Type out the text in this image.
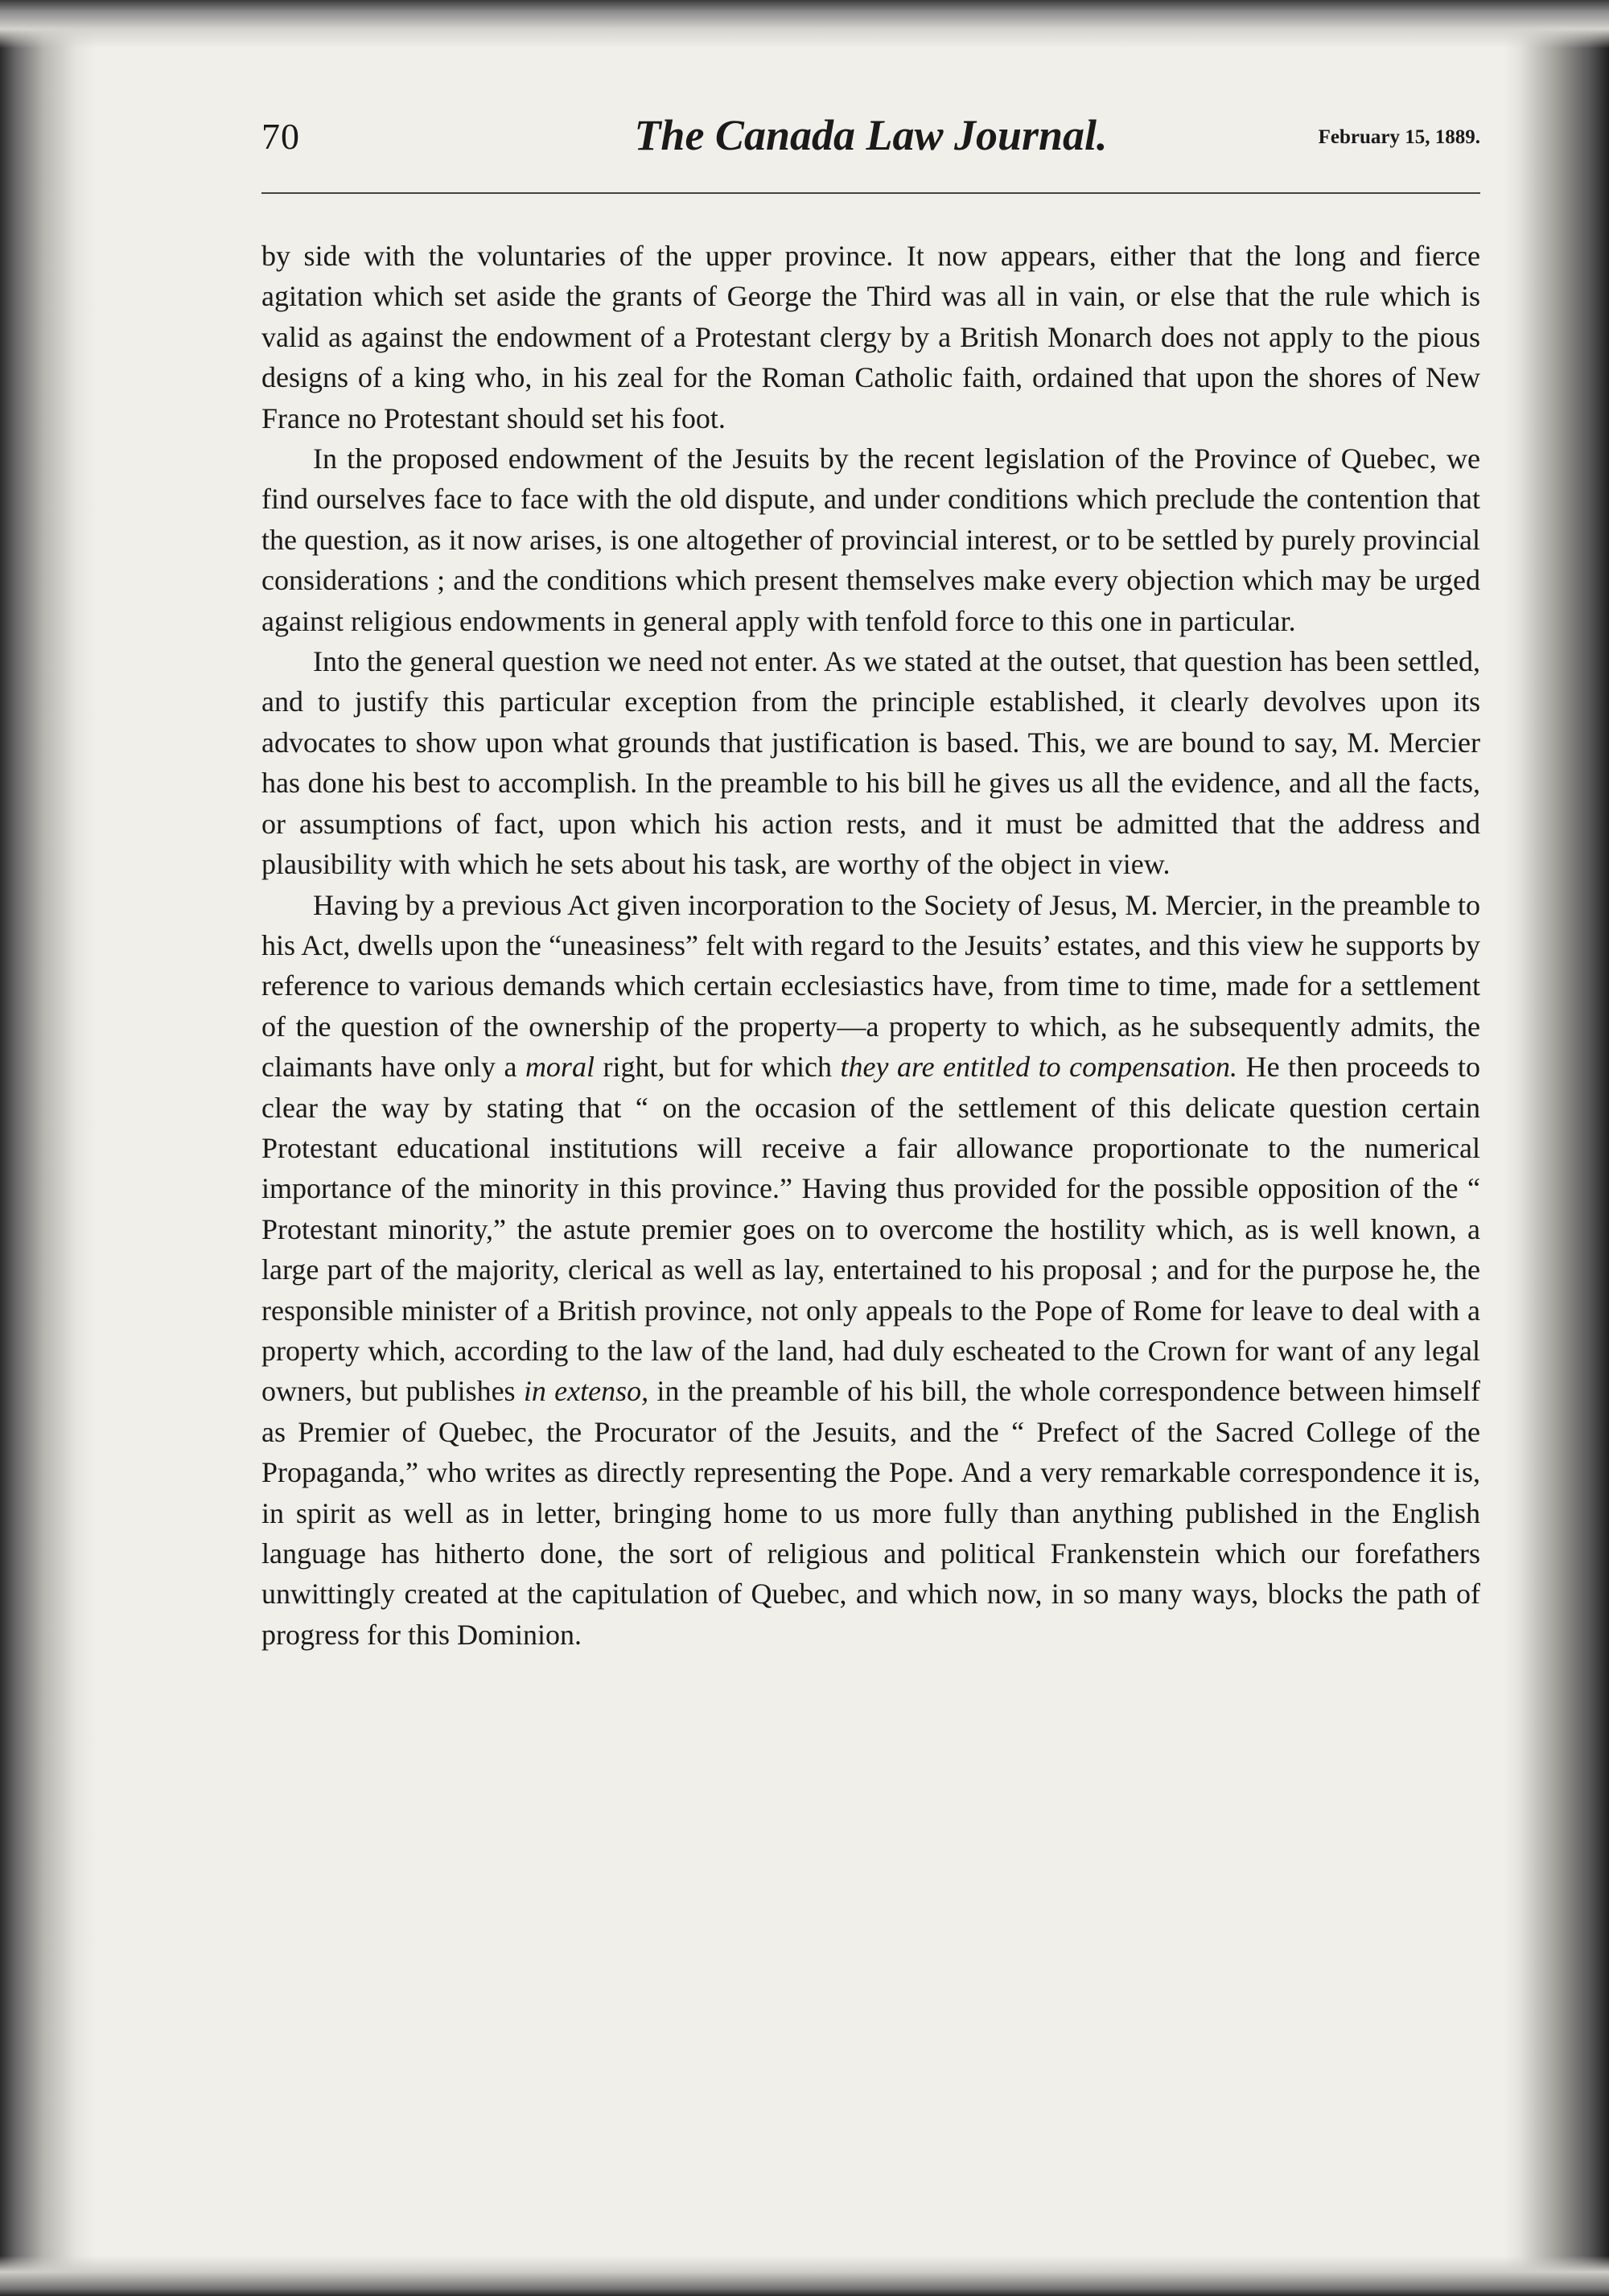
70	The Canada Law Journal.	February 15, 1889.

by side with the voluntaries of the upper province. It now appears, either that the long and fierce agitation which set aside the grants of George the Third was all in vain, or else that the rule which is valid as against the endowment of a Protestant clergy by a British Monarch does not apply to the pious designs of a king who, in his zeal for the Roman Catholic faith, ordained that upon the shores of New France no Protestant should set his foot.

In the proposed endowment of the Jesuits by the recent legislation of the Province of Quebec, we find ourselves face to face with the old dispute, and under conditions which preclude the contention that the question, as it now arises, is one altogether of provincial interest, or to be settled by purely provincial considerations ; and the conditions which present themselves make every objection which may be urged against religious endowments in general apply with tenfold force to this one in particular.

Into the general question we need not enter. As we stated at the outset, that question has been settled, and to justify this particular exception from the principle established, it clearly devolves upon its advocates to show upon what grounds that justification is based. This, we are bound to say, M. Mercier has done his best to accomplish. In the preamble to his bill he gives us all the evidence, and all the facts, or assumptions of fact, upon which his action rests, and it must be admitted that the address and plausibility with which he sets about his task, are worthy of the object in view.

Having by a previous Act given incorporation to the Society of Jesus, M. Mercier, in the preamble to his Act, dwells upon the “uneasiness” felt with regard to the Jesuits’ estates, and this view he supports by reference to various demands which certain ecclesiastics have, from time to time, made for a settlement of the question of the ownership of the property—a property to which, as he subsequently admits, the claimants have only a moral right, but for which they are entitled to compensation. He then proceeds to clear the way by stating that “ on the occasion of the settlement of this delicate question certain Protestant educational institutions will receive a fair allowance proportionate to the numerical importance of the minority in this province.” Having thus provided for the possible opposition of the “ Protestant minority,” the astute premier goes on to overcome the hostility which, as is well known, a large part of the majority, clerical as well as lay, entertained to his proposal ; and for the purpose he, the responsible minister of a British province, not only appeals to the Pope of Rome for leave to deal with a property which, according to the law of the land, had duly escheated to the Crown for want of any legal owners, but publishes in extenso, in the preamble of his bill, the whole correspondence between himself as Premier of Quebec, the Procurator of the Jesuits, and the “ Prefect of the Sacred College of the Propaganda,” who writes as directly representing the Pope. And a very remarkable correspondence it is, in spirit as well as in letter, bringing home to us more fully than anything published in the English language has hitherto done, the sort of religious and political Frankenstein which our forefathers unwittingly created at the capitulation of Quebec, and which now, in so many ways, blocks the path of progress for this Dominion.
